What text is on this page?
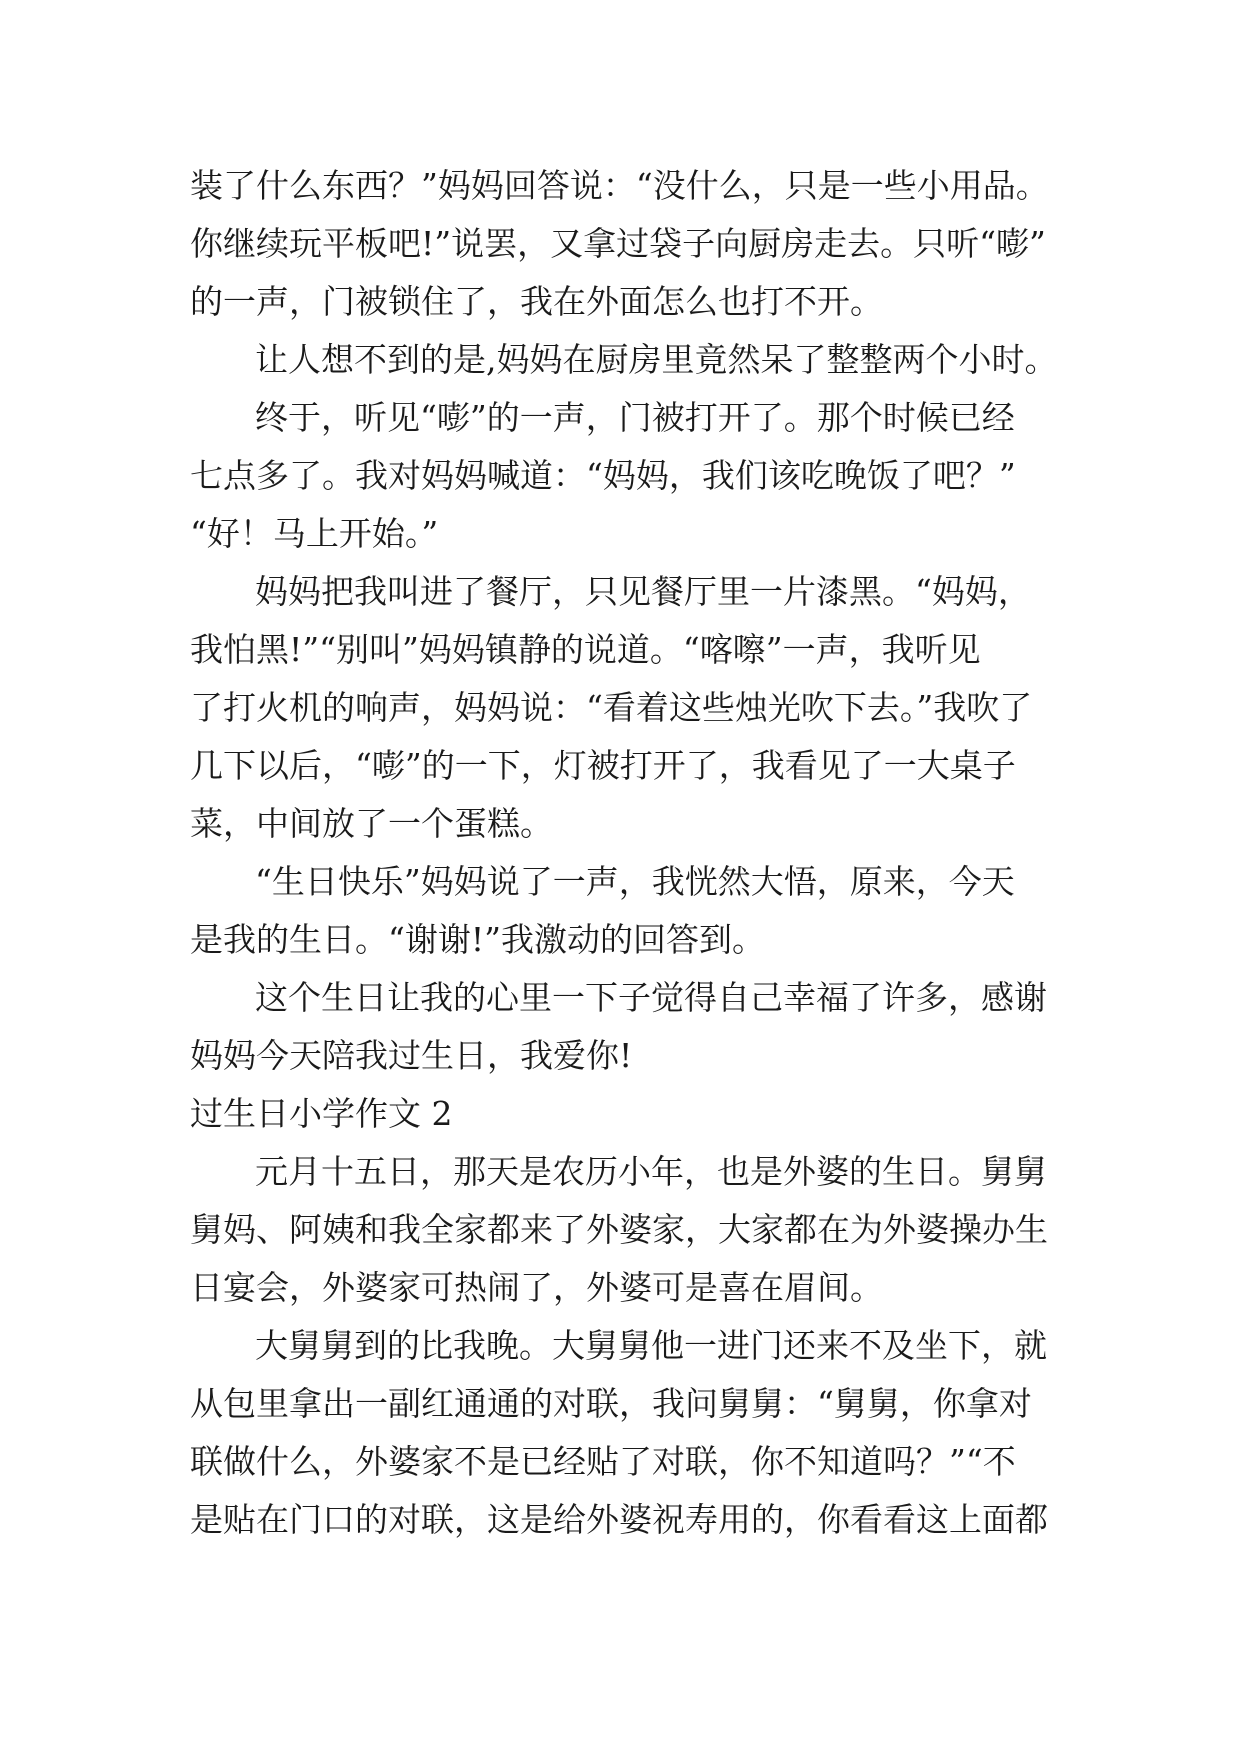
装了什么东西？”妈妈回答说：“没什么，只是一些小用品。
你继续玩平板吧!”说罢，又拿过袋子向厨房走去。只听“嘭”
的一声，门被锁住了，我在外面怎么也打不开。
让人想不到的是,妈妈在厨房里竟然呆了整整两个小时。
终于，听见“嘭”的一声，门被打开了。那个时候已经
七点多了。我对妈妈喊道：“妈妈，我们该吃晚饭了吧？”
“好！马上开始。”
妈妈把我叫进了餐厅，只见餐厅里一片漆黑。“妈妈，
我怕黑!”“别叫”妈妈镇静的说道。“喀嚓”一声，我听见
了打火机的响声，妈妈说：“看着这些烛光吹下去。”我吹了
几下以后，“嘭”的一下，灯被打开了，我看见了一大桌子
菜，中间放了一个蛋糕。
“生日快乐”妈妈说了一声，我恍然大悟，原来，今天
是我的生日。“谢谢!”我激动的回答到。
这个生日让我的心里一下子觉得自己幸福了许多，感谢
妈妈今天陪我过生日，我爱你!
过生日小学作文 2
元月十五日，那天是农历小年，也是外婆的生日。舅舅
舅妈、阿姨和我全家都来了外婆家，大家都在为外婆操办生
日宴会，外婆家可热闹了，外婆可是喜在眉间。
大舅舅到的比我晚。大舅舅他一进门还来不及坐下，就
从包里拿出一副红通通的对联，我问舅舅：“舅舅，你拿对
联做什么，外婆家不是已经贴了对联，你不知道吗？”“不
是贴在门口的对联，这是给外婆祝寿用的，你看看这上面都
